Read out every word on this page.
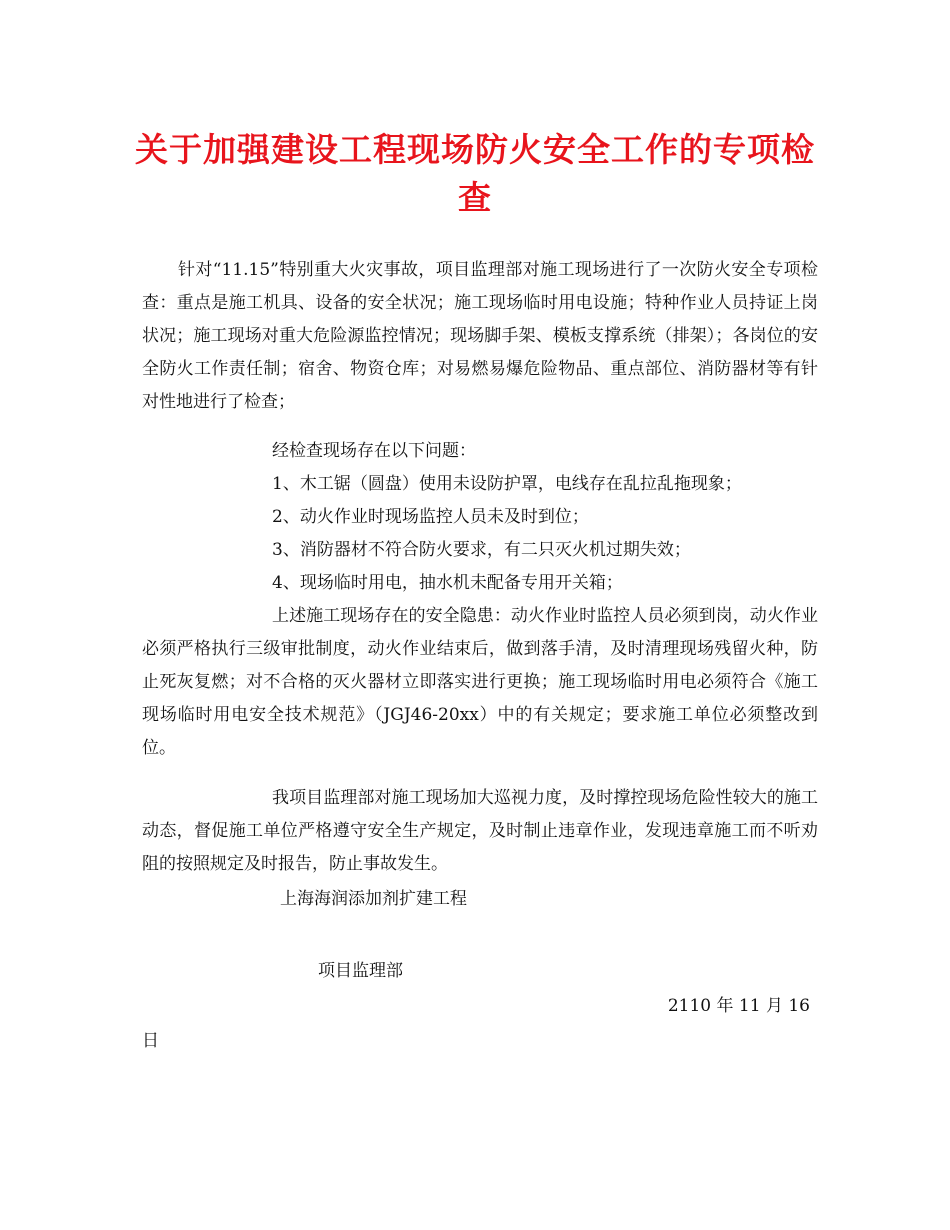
关于加强建设工程现场防火安全工作的专项检查

针对“11.15”特别重大火灾事故，项目监理部对施工现场进行了一次防火安全专项检查：重点是施工机具、设备的安全状况；施工现场临时用电设施；特种作业人员持证上岗状况；施工现场对重大危险源监控情况；现场脚手架、模板支撑系统（排架）；各岗位的安全防火工作责任制；宿舍、物资仓库；对易燃易爆危险物品、重点部位、消防器材等有针对性地进行了检查；

经检查现场存在以下问题：

1、木工锯（圆盘）使用未设防护罩，电线存在乱拉乱拖现象；

2、动火作业时现场监控人员未及时到位；

3、消防器材不符合防火要求，有二只灭火机过期失效；

4、现场临时用电，抽水机未配备专用开关箱；

上述施工现场存在的安全隐患：动火作业时监控人员必须到岗，动火作业必须严格执行三级审批制度，动火作业结束后，做到落手清，及时清理现场残留火种，防止死灰复燃；对不合格的灭火器材立即落实进行更换；施工现场临时用电必须符合《施工现场临时用电安全技术规范》（JGJ46-20xx）中的有关规定；要求施工单位必须整改到位。

我项目监理部对施工现场加大巡视力度，及时撑控现场危险性较大的施工动态，督促施工单位严格遵守安全生产规定，及时制止违章作业，发现违章施工而不听劝阻的按照规定及时报告，防止事故发生。

上海海润添加剂扩建工程

项目监理部

2110 年 11 月 16

日
